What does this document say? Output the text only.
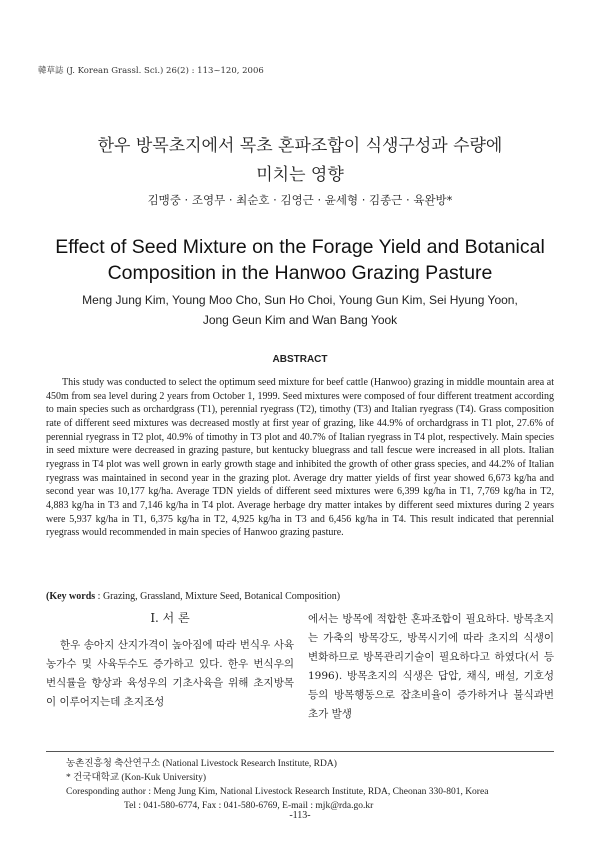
韓草誌 (J. Korean Grassl. Sci.) 26(2) : 113~120, 2006
한우 방목초지에서 목초 혼파조합이 식생구성과 수량에
미치는 영향
김맹중 · 조영무 · 최순호 · 김영근 · 윤세형 · 김종근 · 육완방*
Effect of Seed Mixture on the Forage Yield and Botanical
Composition in the Hanwoo Grazing Pasture
Meng Jung Kim, Young Moo Cho, Sun Ho Choi, Young Gun Kim, Sei Hyung Yoon,
Jong Geun Kim and Wan Bang Yook
ABSTRACT
This study was conducted to select the optimum seed mixture for beef cattle (Hanwoo) grazing in middle mountain area at 450m from sea level during 2 years from October 1, 1999. Seed mixtures were composed of four different treatment according to main species such as orchardgrass (T1), perennial ryegrass (T2), timothy (T3) and Italian ryegrass (T4). Grass composition rate of different seed mixtures was decreased mostly at first year of grazing, like 44.9% of orchardgrass in T1 plot, 27.6% of perennial ryegrass in T2 plot, 40.9% of timothy in T3 plot and 40.7% of Italian ryegrass in T4 plot, respectively. Main species in seed mixture were decreased in grazing pasture, but kentucky bluegrass and tall fescue were increased in all plots. Italian ryegrass in T4 plot was well grown in early growth stage and inhibited the growth of other grass species, and 44.2% of Italian ryegrass was maintained in second year in the grazing plot. Average dry matter yields of first year showed 6,673 kg/ha and second year was 10,177 kg/ha. Average TDN yields of different seed mixtures were 6,399 kg/ha in T1, 7,769 kg/ha in T2, 4,883 kg/ha in T3 and 7,146 kg/ha in T4 plot. Average herbage dry matter intakes by different seed mixtures during 2 years were 5,937 kg/ha in T1, 6,375 kg/ha in T2, 4,925 kg/ha in T3 and 6,456 kg/ha in T4. This result indicated that perennial ryegrass would recommended in main species of Hanwoo grazing pasture.
(Key words : Grazing, Grassland, Mixture Seed, Botanical Composition)
Ⅰ. 서 론
한우 송아지 산지가격이 높아짐에 따라 번식우 사육 농가수 및 사육두수도 증가하고 있다. 한우 번식우의 번식률을 향상과 육성우의 기초사육을 위해 초지방목이 이루어지는데 초지조성
에서는 방목에 적합한 혼파조합이 필요하다. 방목초지는 가축의 방목강도, 방목시기에 따라 초지의 식생이 변화하므로 방목관리기술이 필요하다고 하였다(서 등 1996). 방목초지의 식생은 답압, 채식, 배설, 기호성 등의 방목행동으로 잡초비율이 증가하거나 불식과번초가 발생
농촌진흥청 축산연구소 (National Livestock Research Institute, RDA)
* 건국대학교 (Kon-Kuk University)
Coresponding author : Meng Jung Kim, National Livestock Research Institute, RDA, Cheonan 330-801, Korea
Tel : 041-580-6774, Fax : 041-580-6769, E-mail : mjk@rda.go.kr
-113-
